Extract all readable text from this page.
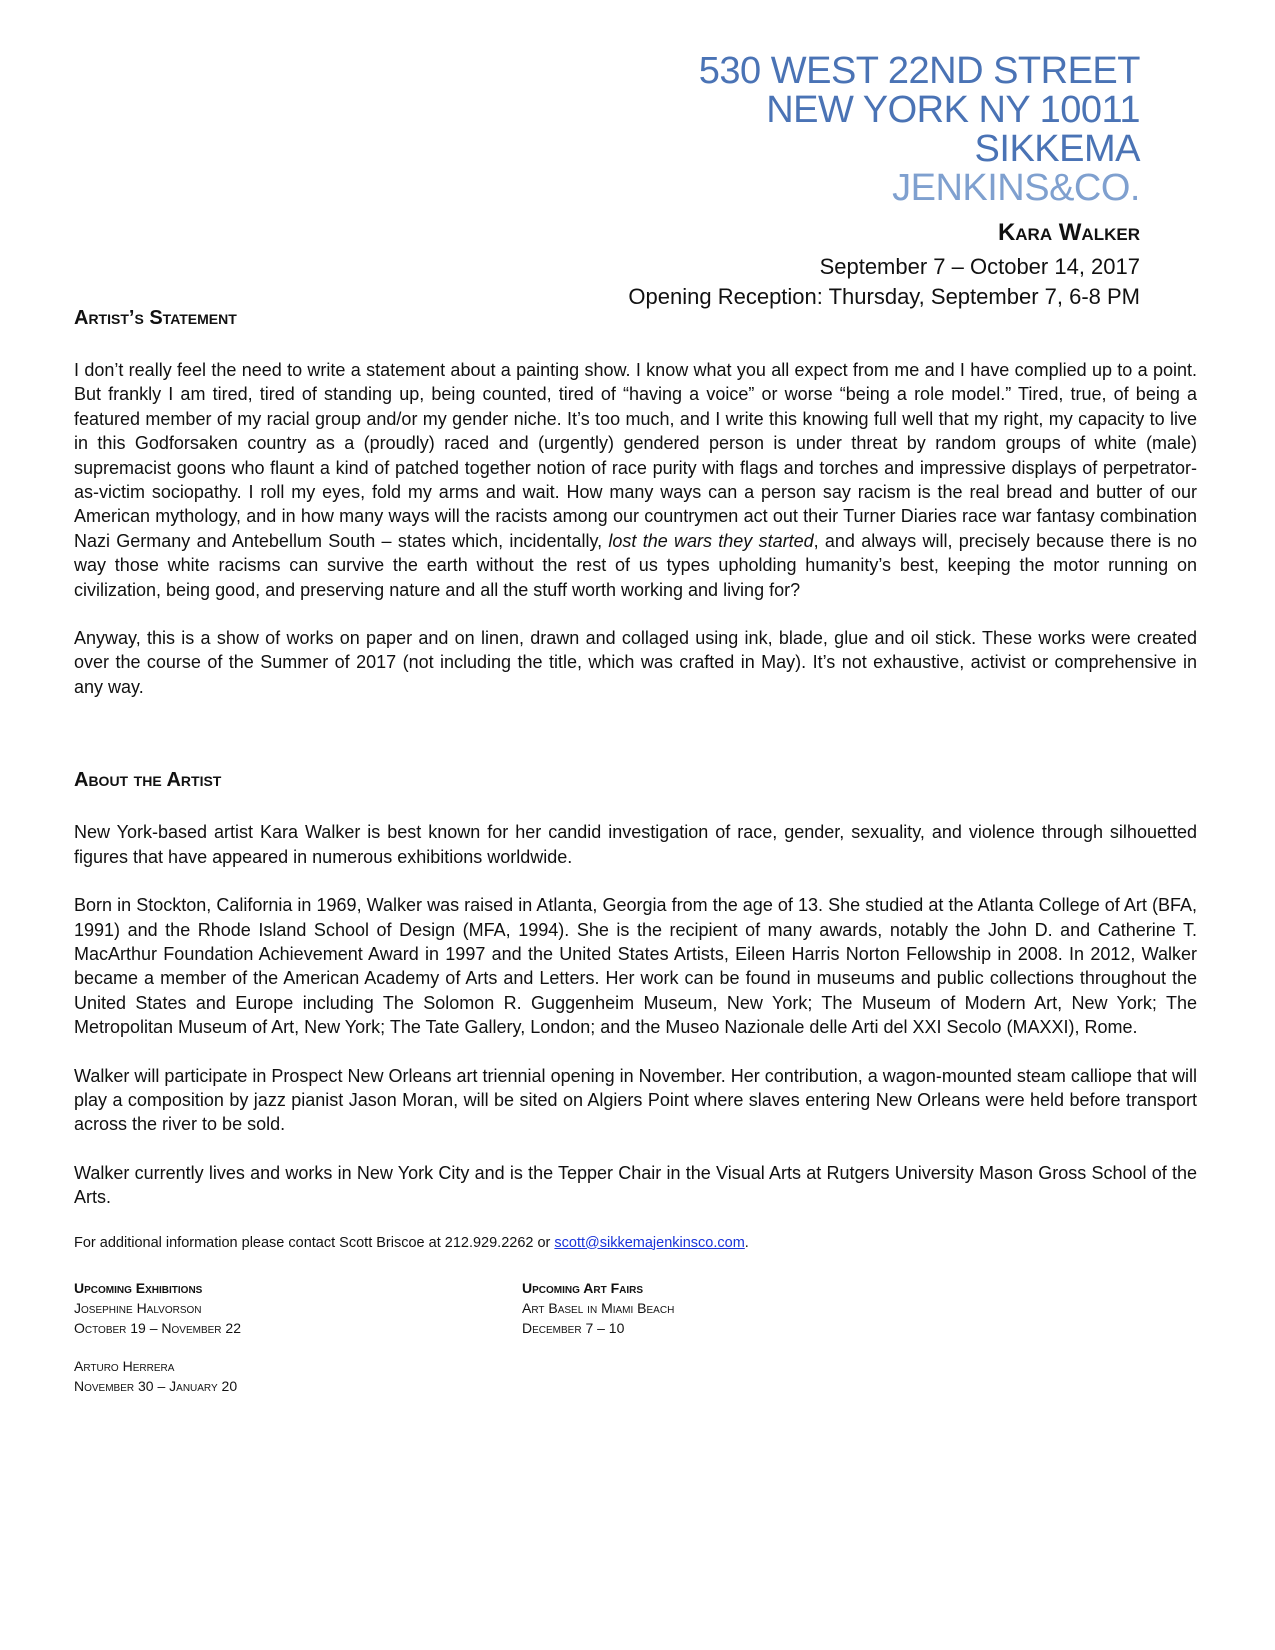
530 WEST 22ND STREET
NEW YORK NY 10011
SIKKEMA
JENKINS&CO.
Kara Walker
September 7 – October 14, 2017
Opening Reception: Thursday, September 7, 6-8 PM
Artist’s Statement

I don’t really feel the need to write a statement about a painting show. I know what you all expect from me and I have complied up to a point. But frankly I am tired, tired of standing up, being counted, tired of “having a voice” or worse “being a role model.” Tired, true, of being a featured member of my racial group and/or my gender niche. It’s too much, and I write this knowing full well that my right, my capacity to live in this Godforsaken country as a (proudly) raced and (urgently) gendered person is under threat by random groups of white (male) supremacist goons who flaunt a kind of patched together notion of race purity with flags and torches and impressive displays of perpetrator-as-victim sociopathy. I roll my eyes, fold my arms and wait. How many ways can a person say racism is the real bread and butter of our American mythology, and in how many ways will the racists among our countrymen act out their Turner Diaries race war fantasy combination Nazi Germany and Antebellum South – states which, incidentally, lost the wars they started, and always will, precisely because there is no way those white racisms can survive the earth without the rest of us types upholding humanity’s best, keeping the motor running on civilization, being good, and preserving nature and all the stuff worth working and living for?

Anyway, this is a show of works on paper and on linen, drawn and collaged using ink, blade, glue and oil stick. These works were created over the course of the Summer of 2017 (not including the title, which was crafted in May). It’s not exhaustive, activist or comprehensive in any way.

About the Artist

New York-based artist Kara Walker is best known for her candid investigation of race, gender, sexuality, and violence through silhouetted figures that have appeared in numerous exhibitions worldwide.

Born in Stockton, California in 1969, Walker was raised in Atlanta, Georgia from the age of 13. She studied at the Atlanta College of Art (BFA, 1991) and the Rhode Island School of Design (MFA, 1994). She is the recipient of many awards, notably the John D. and Catherine T. MacArthur Foundation Achievement Award in 1997 and the United States Artists, Eileen Harris Norton Fellowship in 2008. In 2012, Walker became a member of the American Academy of Arts and Letters. Her work can be found in museums and public collections throughout the United States and Europe including The Solomon R. Guggenheim Museum, New York; The Museum of Modern Art, New York; The Metropolitan Museum of Art, New York; The Tate Gallery, London; and the Museo Nazionale delle Arti del XXI Secolo (MAXXI), Rome.

Walker will participate in Prospect New Orleans art triennial opening in November. Her contribution, a wagon-mounted steam calliope that will play a composition by jazz pianist Jason Moran, will be sited on Algiers Point where slaves entering New Orleans were held before transport across the river to be sold.

Walker currently lives and works in New York City and is the Tepper Chair in the Visual Arts at Rutgers University Mason Gross School of the Arts.

For additional information please contact Scott Briscoe at 212.929.2262 or scott@sikkemajenkinsco.com.
Upcoming Exhibitions
Josephine Halvorson
October 19 – November 22
Arturo Herrera
November 30 – January 20
Upcoming Art Fairs
Art Basel in Miami Beach
December 7 – 10
